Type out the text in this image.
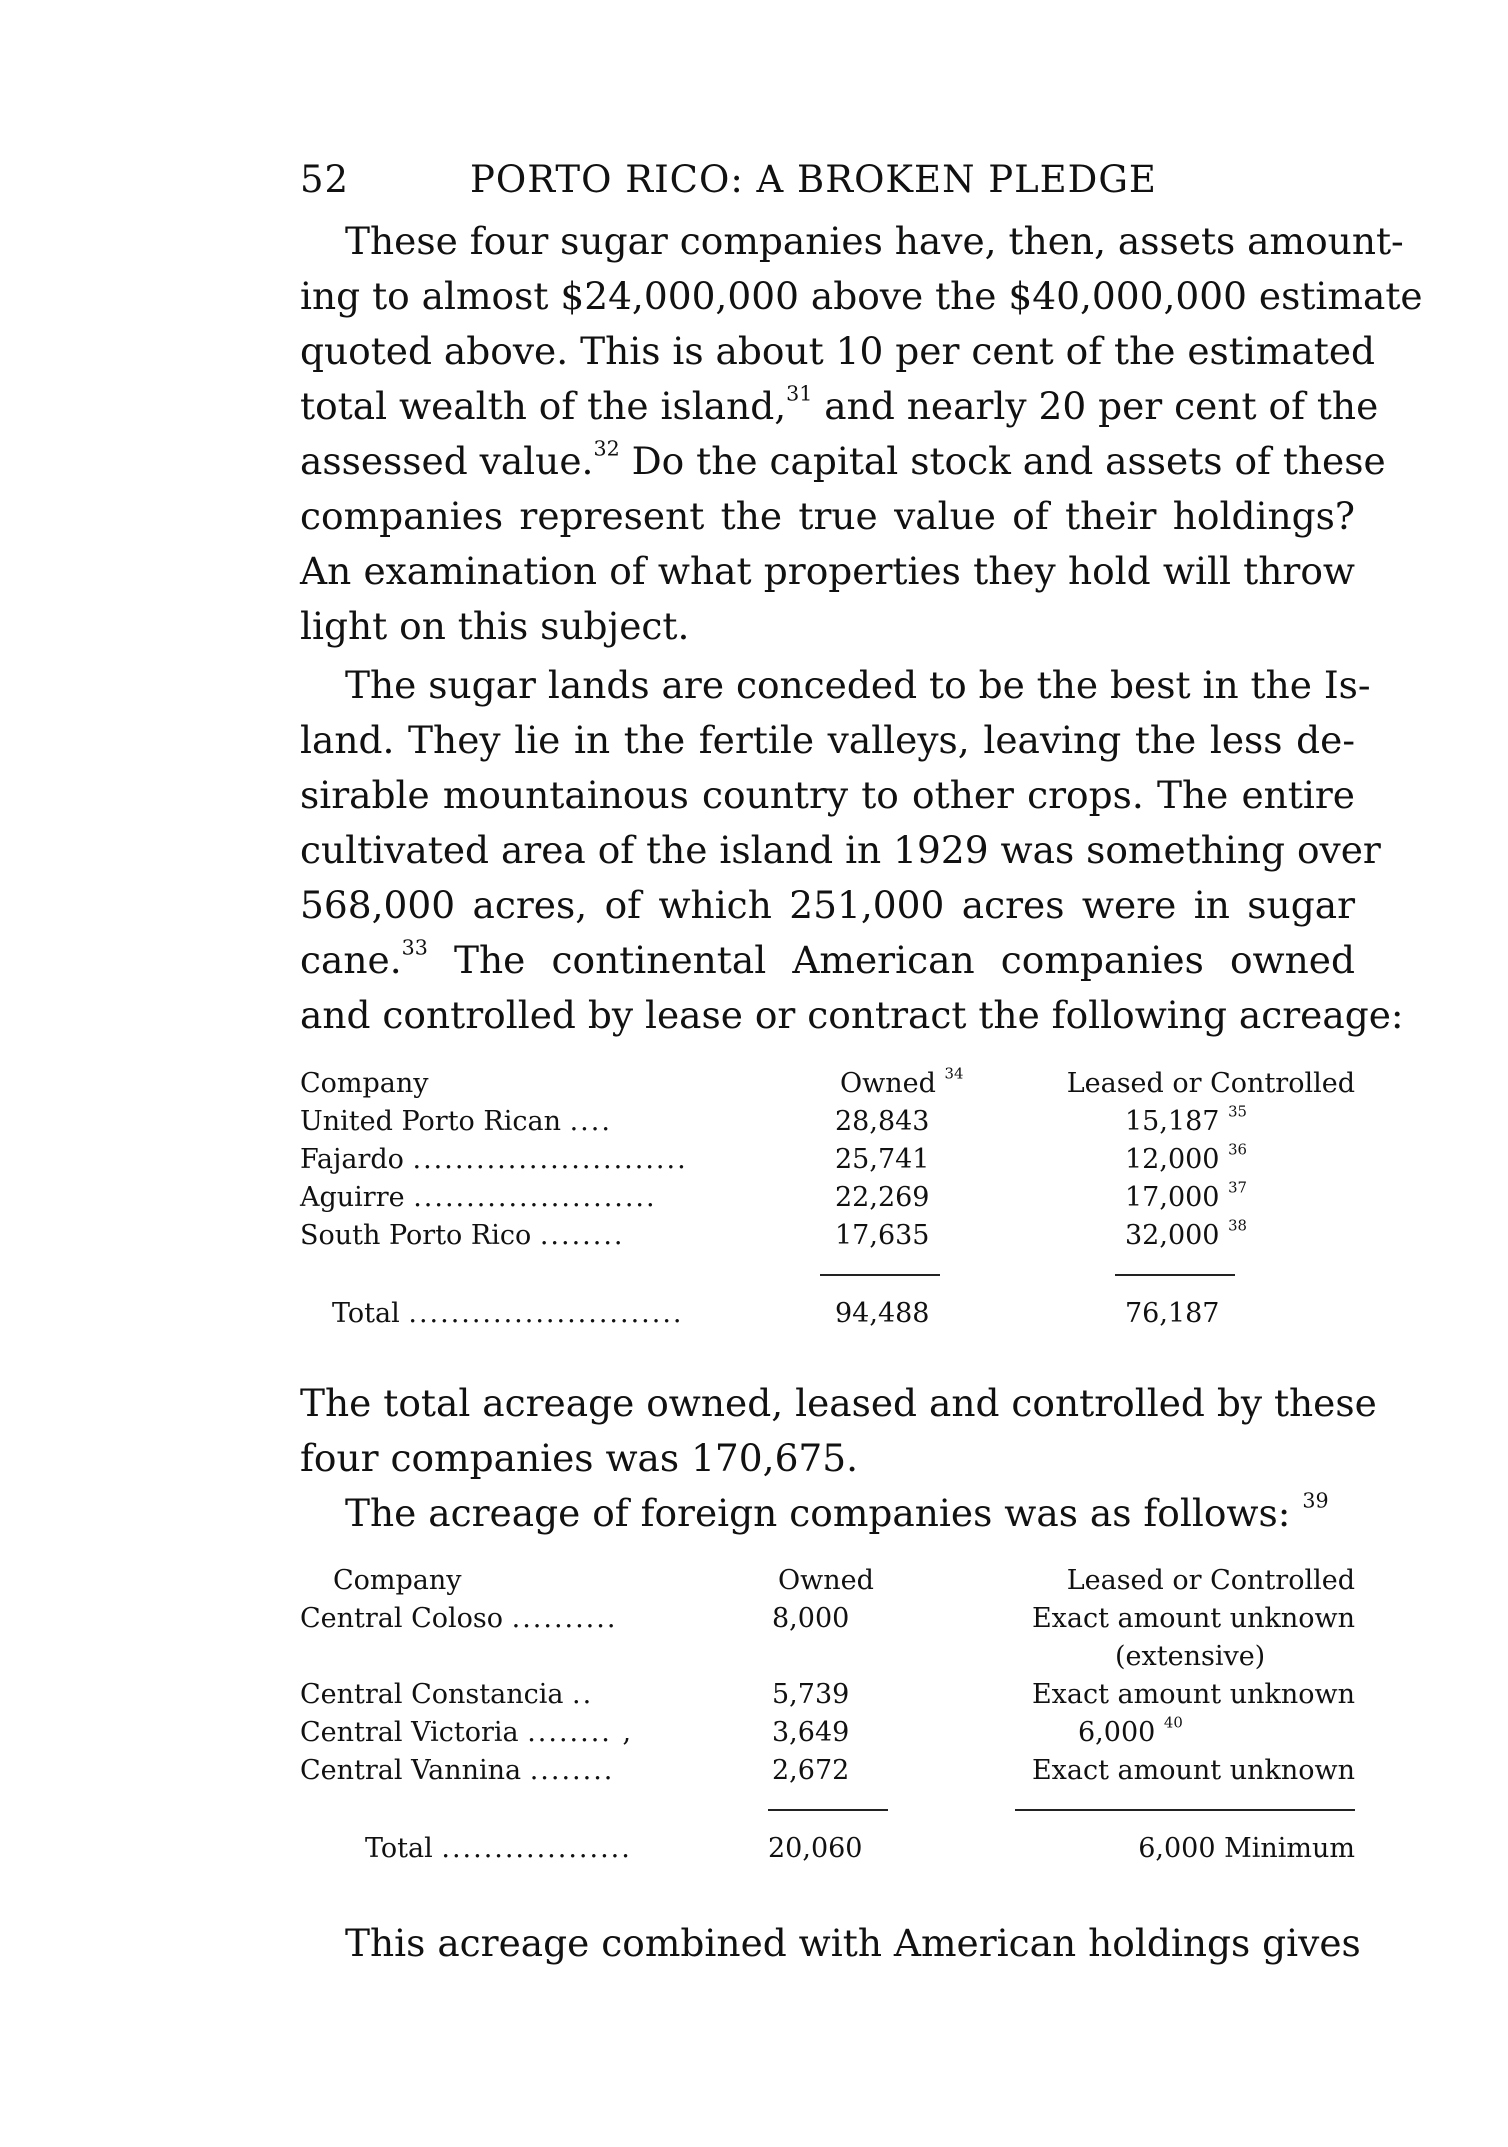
52	PORTO RICO: A BROKEN PLEDGE
These four sugar companies have, then, assets amount-
ing to almost $24,000,000 above the $40,000,000 estimate
quoted above. This is about 10 per cent of the estimated
total wealth of the island,$^{31}$ and nearly 20 per cent of the
assessed value.$^{32}$ Do the capital stock and assets of these
companies represent the true value of their holdings?
An examination of what properties they hold will throw
light on this subject.
The sugar lands are conceded to be the best in the Is-
land. They lie in the fertile valleys, leaving the less de-
sirable mountainous country to other crops. The entire
cultivated area of the island in 1929 was something over
568,000 acres, of which 251,000 acres were in sugar
cane.$^{33}$ The continental American companies owned
and controlled by lease or contract the following acreage:
Company	Owned $^{34}$	Leased or Controlled
United Porto Rican ....	28,843	15,187 $^{35}$
Fajardo ..........................	25,741	12,000 $^{36}$
Aguirre .......................	22,269	17,000 $^{37}$
South Porto Rico ........	17,635	32,000 $^{38}$
Total ..........................	94,488	76,187
The total acreage owned, leased and controlled by these
four companies was 170,675.
The acreage of foreign companies was as follows: $^{39}$
Company	Owned	Leased or Controlled
Central Coloso ..........	8,000	Exact amount unknown
(extensive)
Central Constancia ..	5,739	Exact amount unknown
Central Victoria ........ ,	3,649	6,000 $^{40}$
Central Vannina ........	2,672	Exact amount unknown
Total ..................	20,060	6,000 Minimum
This acreage combined with American holdings gives
